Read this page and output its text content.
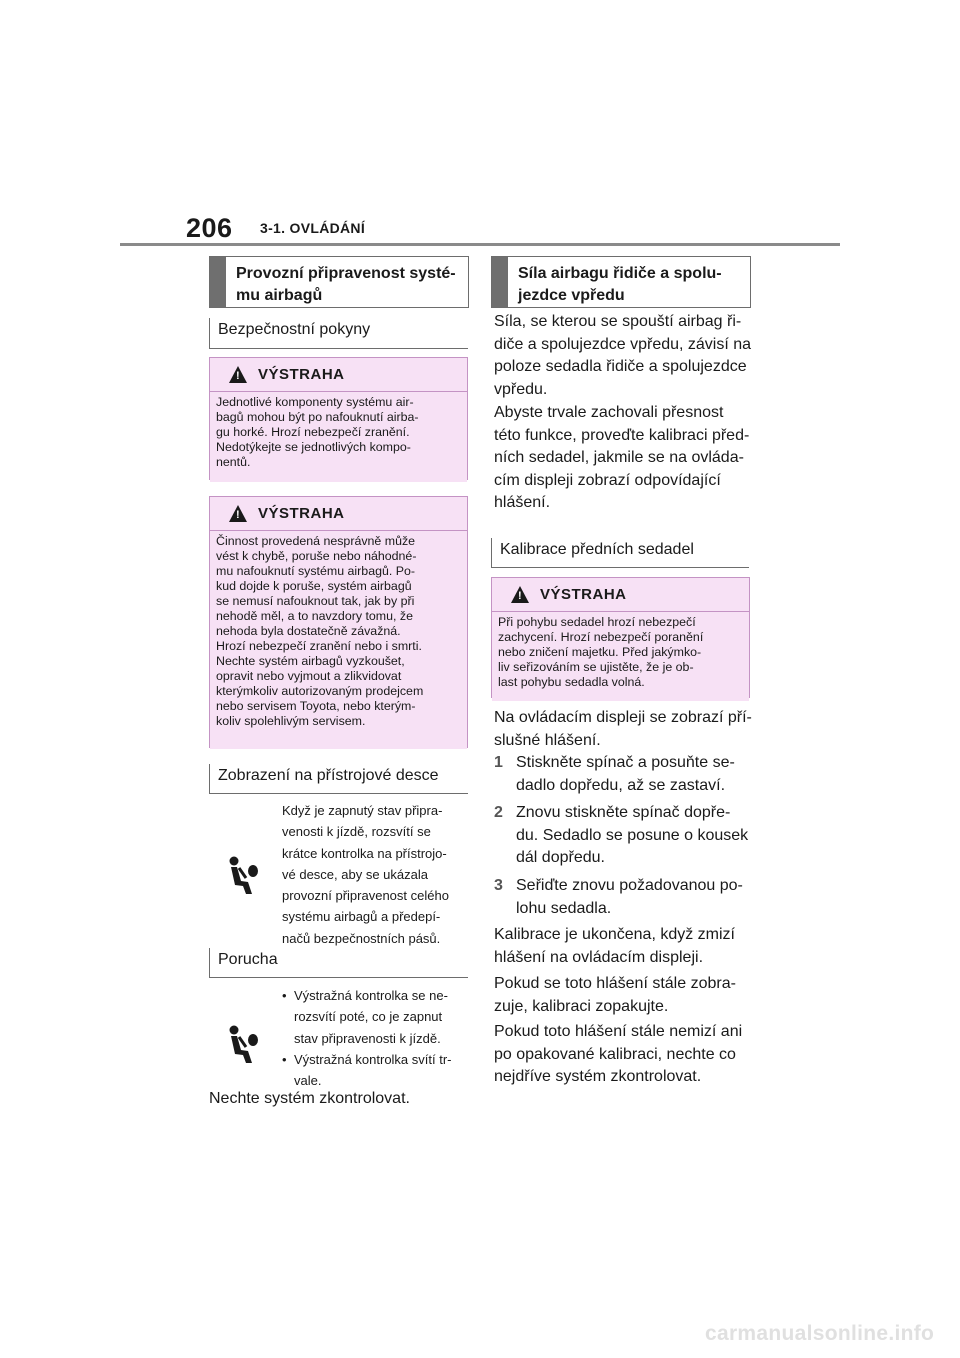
206 3-1. OVLÁDÁNÍ
Provozní připravenost systé-
mu airbagů
Bezpečnostní pokyny
! VÝSTRAHA
Jednotlivé komponenty systému air-
bagů mohou být po nafouknutí airba-
gu horké. Hrozí nebezpečí zranění.
Nedotýkejte se jednotlivých kompo-
nentů.
! VÝSTRAHA
Činnost provedená nesprávně může
vést k chybě, poruše nebo náhodné-
mu nafouknutí systému airbagů. Po-
kud dojde k poruše, systém airbagů
se nemusí nafouknout tak, jak by při
nehodě měl, a to navzdory tomu, že
nehoda byla dostatečně závažná.
Hrozí nebezpečí zranění nebo i smrti.
Nechte systém airbagů vyzkoušet,
opravit nebo vyjmout a zlikvidovat
kterýmkoliv autorizovaným prodejcem
nebo servisem Toyota, nebo kterým-
koliv spolehlivým servisem.
Zobrazení na přístrojové desce
Když je zapnutý stav připra-
venosti k jízdě, rozsvítí se
krátce kontrolka na přístrojo-
vé desce, aby se ukázala
provozní připravenost celého
systému airbagů a předepí-
načů bezpečnostních pásů.
Porucha
• Výstražná kontrolka se ne-
rozsvítí poté, co je zapnut
stav připravenosti k jízdě.
• Výstražná kontrolka svítí tr-
vale.
Nechte systém zkontrolovat.
Síla airbagu řidiče a spolu-
jezdce vpředu
Síla, se kterou se spouští airbag ři-
diče a spolujezdce vpředu, závisí na
poloze sedadla řidiče a spolujezdce
vpředu.
Abyste trvale zachovali přesnost
této funkce, proveďte kalibraci před-
ních sedadel, jakmile se na ovláda-
cím displeji zobrazí odpovídající
hlášení.
Kalibrace předních sedadel
! VÝSTRAHA
Při pohybu sedadel hrozí nebezpečí
zachycení. Hrozí nebezpečí poranění
nebo zničení majetku. Před jakýmko-
liv seřizováním se ujistěte, že je ob-
last pohybu sedadla volná.
Na ovládacím displeji se zobrazí pří-
slušné hlášení.
1 Stiskněte spínač a posuňte se-
dadlo dopředu, až se zastaví.
2 Znovu stiskněte spínač dopře-
du. Sedadlo se posune o kousek
dál dopředu.
3 Seřiďte znovu požadovanou po-
lohu sedadla.
Kalibrace je ukončena, když zmizí
hlášení na ovládacím displeji.
Pokud se toto hlášení stále zobra-
zuje, kalibraci zopakujte.
Pokud toto hlášení stále nemizí ani
po opakované kalibraci, nechte co
nejdříve systém zkontrolovat.
carmanualsonline.info
